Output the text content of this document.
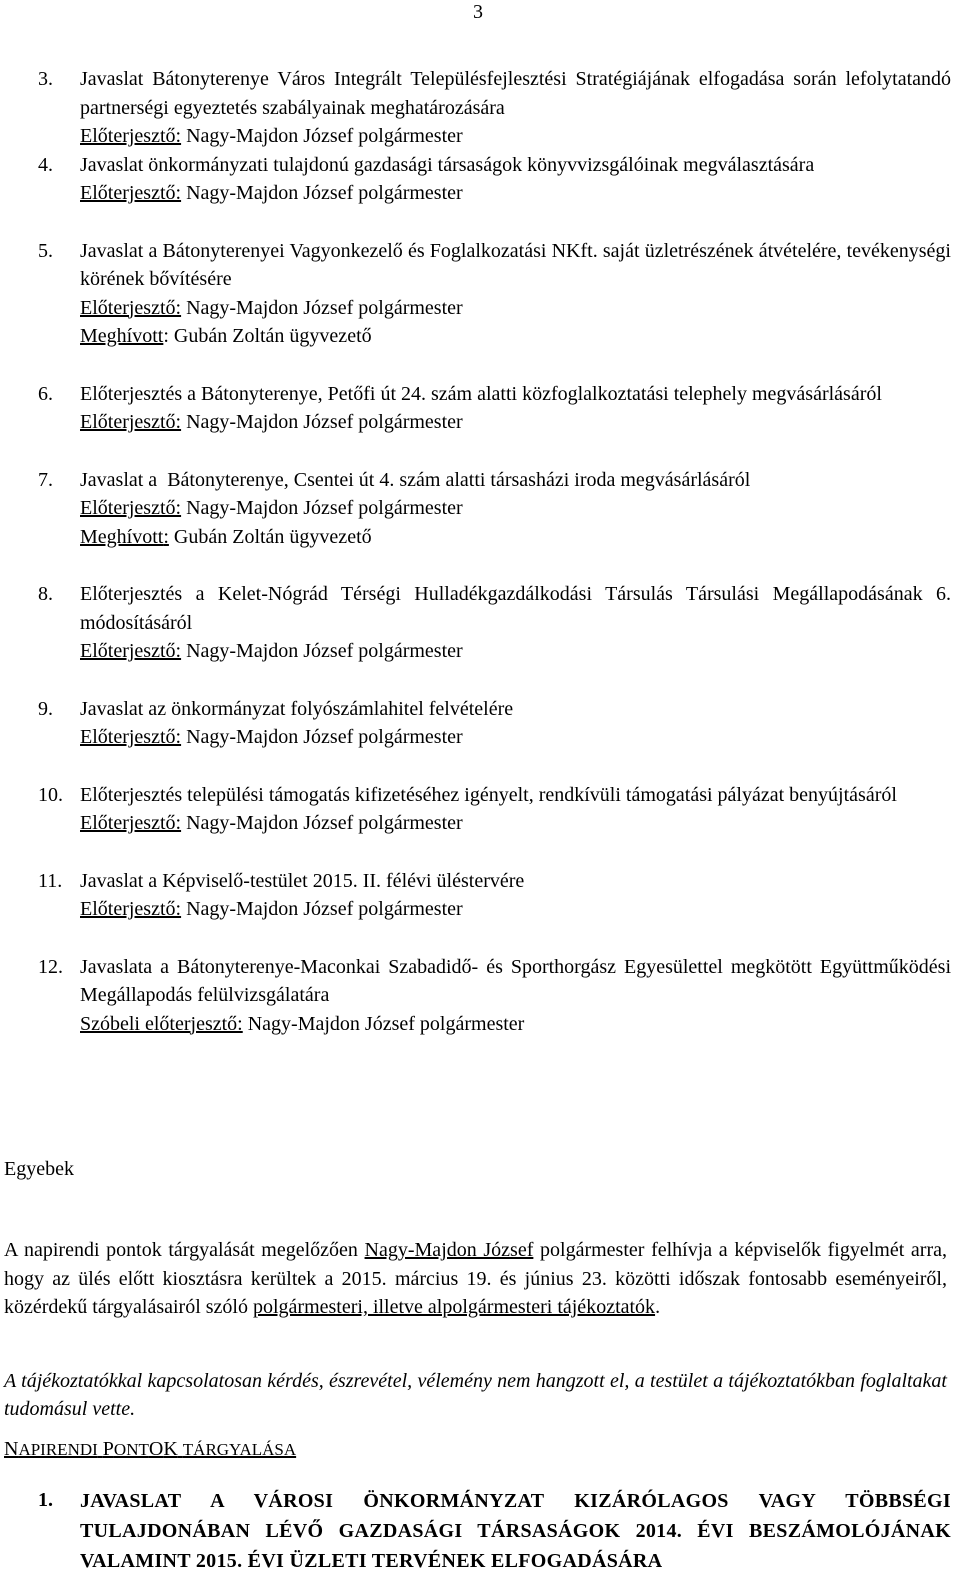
3
3. Javaslat Bátonyterenye Város Integrált Településfejlesztési Stratégiájának elfogadása során lefolytatandó partnerségi egyeztetés szabályainak meghatározására
Előterjesztő: Nagy-Majdon József polgármester
4. Javaslat önkormányzati tulajdonú gazdasági társaságok könyvvizsgálóinak megválasztására
Előterjesztő: Nagy-Majdon József polgármester
5. Javaslat a Bátonyterenyei Vagyonkezelő és Foglalkozatási NKft. saját üzletrészének átvételére, tevékenységi körének bővítésére
Előterjesztő: Nagy-Majdon József polgármester
Meghívott: Gubán Zoltán ügyvezető
6. Előterjesztés a Bátonyterenye, Petőfi út 24. szám alatti közfoglalkoztatási telephely megvásárlásáról
Előterjesztő: Nagy-Majdon József polgármester
7. Javaslat a  Bátonyterenye, Csentei út 4. szám alatti társasházi iroda megvásárlásáról
Előterjesztő: Nagy-Majdon József polgármester
Meghívott: Gubán Zoltán ügyvezető
8. Előterjesztés a Kelet-Nógrád Térségi Hulladékgazdálkodási Társulás Társulási Megállapodásának 6. módosításáról
Előterjesztő: Nagy-Majdon József polgármester
9. Javaslat az önkormányzat folyószámlahitel felvételére
Előterjesztő: Nagy-Majdon József polgármester
10. Előterjesztés települési támogatás kifizetéséhez igényelt, rendkívüli támogatási pályázat benyújtásáról
Előterjesztő: Nagy-Majdon József polgármester
11. Javaslat a Képviselő-testület 2015. II. félévi üléstervére
Előterjesztő: Nagy-Majdon József polgármester
12. Javaslata a Bátonyterenye-Maconkai Szabadidő- és Sporthorgász Egyesülettel megkötött Együttműködési Megállapodás felülvizsgálatára
Szóbeli előterjesztő: Nagy-Majdon József polgármester
Egyebek

A napirendi pontok tárgyalását megelőzően Nagy-Majdon József polgármester felhívja a képviselők figyelmét arra, hogy az ülés előtt kiosztásra kerültek a 2015. március 19. és június 23. közötti időszak fontosabb eseményeiről, közérdekű tárgyalásairól szóló polgármesteri, illetve alpolgármesteri tájékoztatók.

A tájékoztatókkal kapcsolatosan kérdés, észrevétel, vélemény nem hangzott el, a testület a tájékoztatókban foglaltakat tudomásul vette.

NAPIRENDI PONTOK TÁRGYALÁSA
1. JAVASLAT A VÁROSI ÖNKORMÁNYZAT KIZÁRÓLAGOS VAGY TÖBBSÉGI TULAJDONÁBAN LÉVŐ GAZDASÁGI TÁRSASÁGOK 2014. ÉVI BESZÁMOLÓJÁNAK VALAMINT 2015. ÉVI ÜZLETI TERVÉNEK ELFOGADÁSÁRA
